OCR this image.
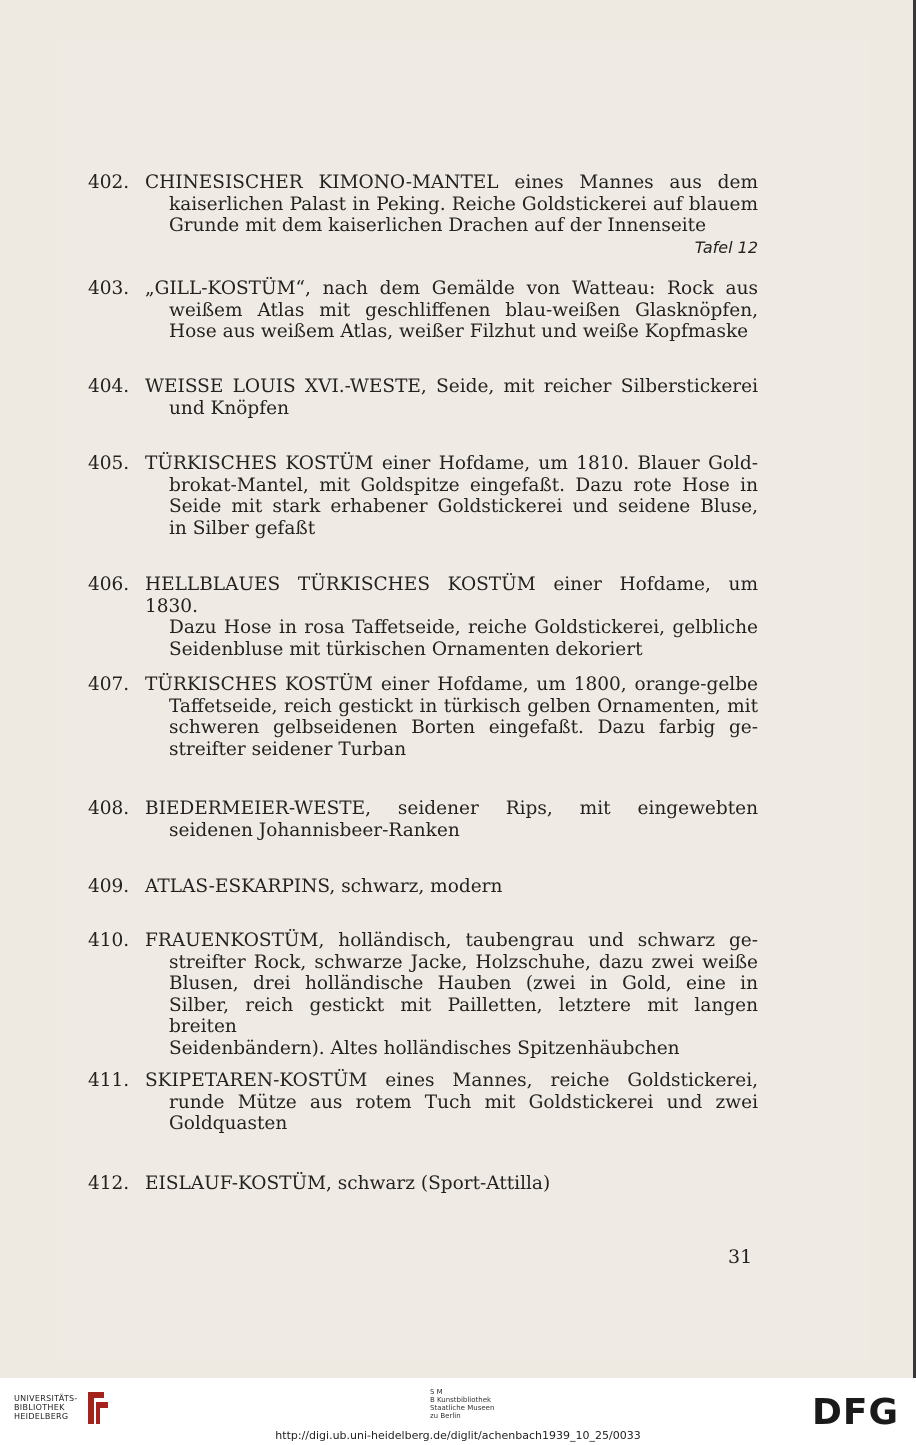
402. CHINESISCHER KIMONO-MANTEL eines Mannes aus dem
kaiserlichen Palast in Peking. Reiche Goldstickerei auf blauem
Grunde mit dem kaiserlichen Drachen auf der Innenseite
Tafel 12
403. „GILL-KOSTÜM“, nach dem Gemälde von Watteau: Rock aus
weißem Atlas mit geschliffenen blau-weißen Glasknöpfen,
Hose aus weißem Atlas, weißer Filzhut und weiße Kopfmaske
404. WEISSE LOUIS XVI.-WESTE, Seide, mit reicher Silberstickerei
und Knöpfen
405. TÜRKISCHES KOSTÜM einer Hofdame, um 1810. Blauer Gold-
brokat-Mantel, mit Goldspitze eingefaßt. Dazu rote Hose in
Seide mit stark erhabener Goldstickerei und seidene Bluse,
in Silber gefaßt
406. HELLBLAUES TÜRKISCHES KOSTÜM einer Hofdame, um 1830.
Dazu Hose in rosa Taffetseide, reiche Goldstickerei, gelbliche
Seidenbluse mit türkischen Ornamenten dekoriert
407. TÜRKISCHES KOSTÜM einer Hofdame, um 1800, orange-gelbe
Taffetseide, reich gestickt in türkisch gelben Ornamenten, mit
schweren gelbseidenen Borten eingefaßt. Dazu farbig ge-
streifter seidener Turban
408. BIEDERMEIER-WESTE, seidener Rips, mit eingewebten
seidenen Johannisbeer-Ranken
409. ATLAS-ESKARPINS, schwarz, modern
410. FRAUENKOSTÜM, holländisch, taubengrau und schwarz ge-
streifter Rock, schwarze Jacke, Holzschuhe, dazu zwei weiße
Blusen, drei holländische Hauben (zwei in Gold, eine in
Silber, reich gestickt mit Pailletten, letztere mit langen breiten
Seidenbändern). Altes holländisches Spitzenhäubchen
411. SKIPETAREN-KOSTÜM eines Mannes, reiche Goldstickerei,
runde Mütze aus rotem Tuch mit Goldstickerei und zwei
Goldquasten
412. EISLAUF-KOSTÜM, schwarz (Sport-Attilla)
31
UNIVERSITÄTS-
BIBLIOTHEK
HEIDELBERG
S M
B Kunstbibliothek
Staatliche Museen
zu Berlin	DFG
http://digi.ub.uni-heidelberg.de/diglit/achenbach1939_10_25/0033
